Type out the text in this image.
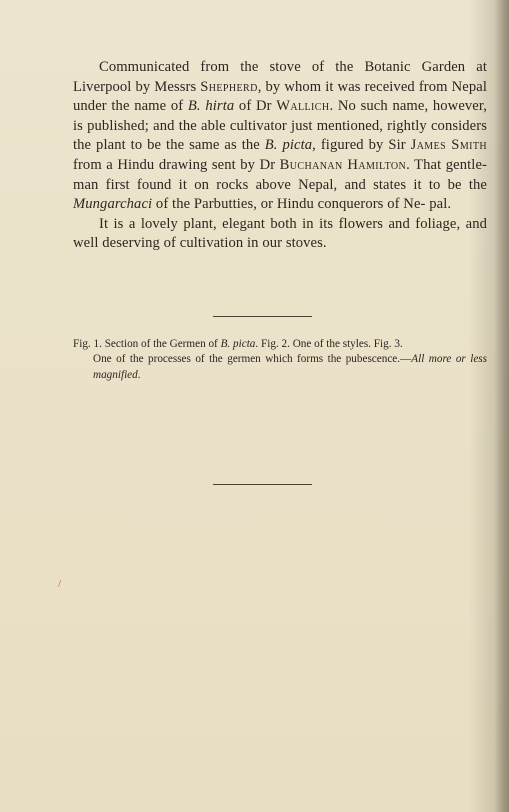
Communicated from the stove of the Botanic Garden at Liverpool by Messrs Shepherd, by whom it was received from Nepal under the name of B. hirta of Dr Wallich. No such name, however, is published; and the able cultivator just mentioned, rightly considers the plant to be the same as the B. picta, figured by Sir James Smith from a Hindu drawing sent by Dr Buchanan Hamilton. That gentle- man first found it on rocks above Nepal, and states it to be the Mungarchaci of the Parbutties, or Hindu conquerors of Ne- pal.

It is a lovely plant, elegant both in its flowers and foliage, and well deserving of cultivation in our stoves.

Fig. 1. Section of the Germen of B. picta. Fig. 2. One of the styles. Fig. 3.
One of the processes of the germen which forms the pubescence.—All more or less magnified.
/
